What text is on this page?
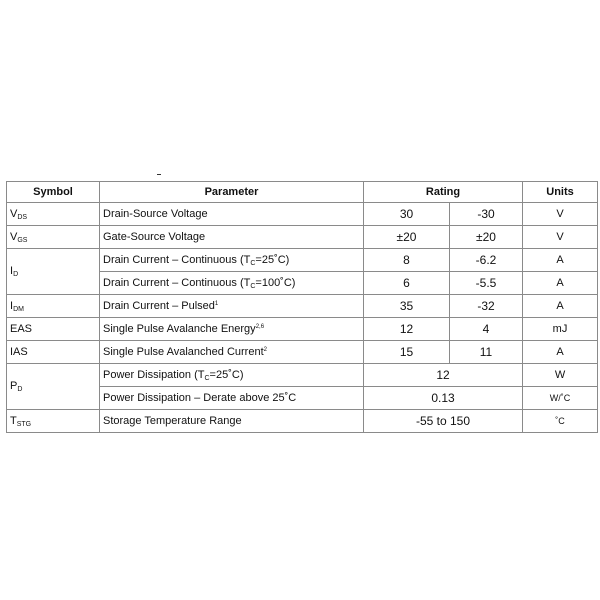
Symbol	Parameter	Rating		Units
$V_{DS}$	Drain-Source Voltage	30	-30	V
$V_{GS}$	Gate-Source Voltage	±20	±20	V
$I_D$	Drain Current – Continuous $(T_C=25˚C)$	8	-6.2	A
	Drain Current – Continuous $(T_C=100˚C)$	6	-5.5	A
$I_{DM}$	Drain Current – Pulsed$^1$	35	-32	A
EAS	Single Pulse Avalanche Energy$^{2,6}$	12	4	mJ
IAS	Single Pulse Avalanched Current$^2$	15	11	A
$P_D$	Power Dissipation $(T_C=25˚C)$	12		W
	Power Dissipation – Derate above 25˚C	0.13		W/˚C
$T_{STG}$	Storage Temperature Range	-55 to 150		˚C
